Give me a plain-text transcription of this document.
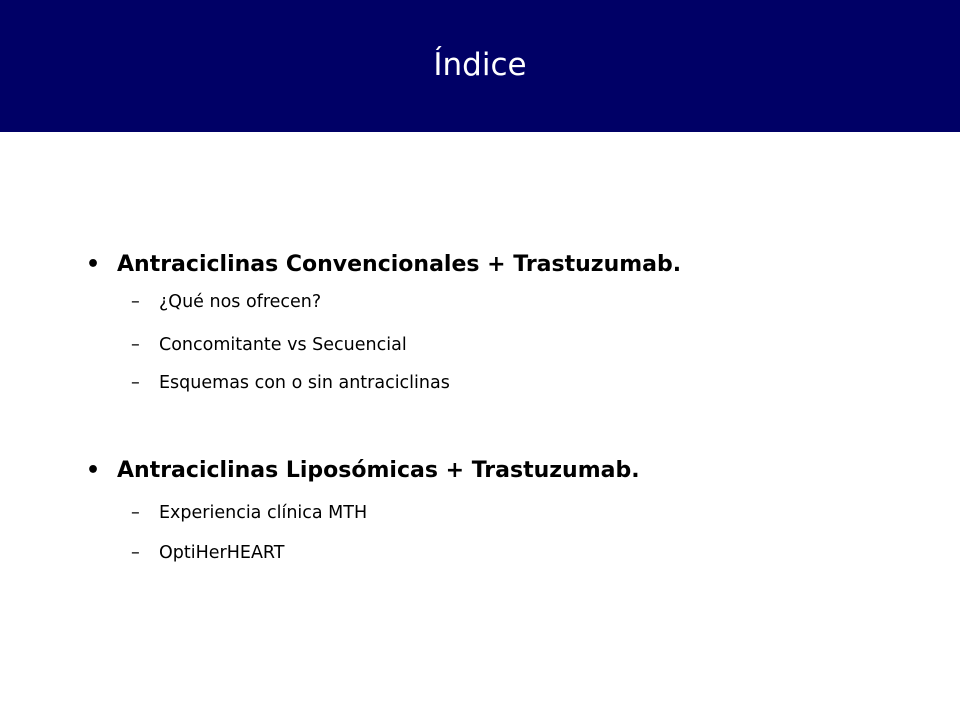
Índice
• Antraciclinas Convencionales + Trastuzumab.
–	¿Qué nos ofrecen?
–	Concomitante vs Secuencial
–	Esquemas con o sin antraciclinas
• Antraciclinas Liposómicas + Trastuzumab.
–	Experiencia clínica MTH
–	OptiHerHEART
